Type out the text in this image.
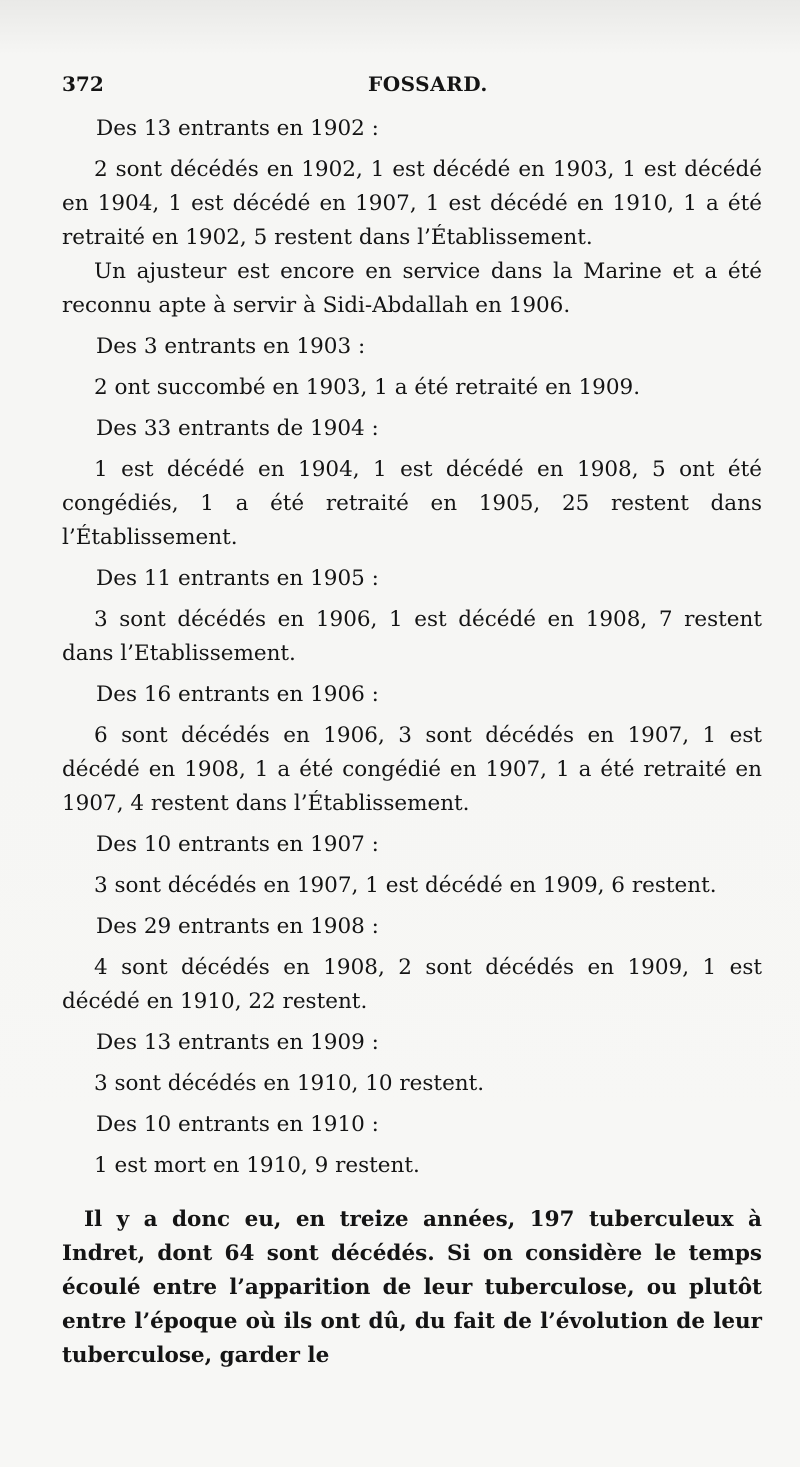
372	FOSSARD.

Des 13 entrants en 1902 :

2 sont décédés en 1902, 1 est décédé en 1903, 1 est décédé en 1904, 1 est décédé en 1907, 1 est décédé en 1910, 1 a été retraité en 1902, 5 restent dans l’Établissement.

Un ajusteur est encore en service dans la Marine et a été reconnu apte à servir à Sidi-Abdallah en 1906.

Des 3 entrants en 1903 :

2 ont succombé en 1903, 1 a été retraité en 1909.

Des 33 entrants de 1904 :

1 est décédé en 1904, 1 est décédé en 1908, 5 ont été congédiés, 1 a été retraité en 1905, 25 restent dans l’Établissement.

Des 11 entrants en 1905 :

3 sont décédés en 1906, 1 est décédé en 1908, 7 restent dans l’Etablissement.

Des 16 entrants en 1906 :

6 sont décédés en 1906, 3 sont décédés en 1907, 1 est décédé en 1908, 1 a été congédié en 1907, 1 a été retraité en 1907, 4 restent dans l’Établissement.

Des 10 entrants en 1907 :

3 sont décédés en 1907, 1 est décédé en 1909, 6 restent.

Des 29 entrants en 1908 :

4 sont décédés en 1908, 2 sont décédés en 1909, 1 est décédé en 1910, 22 restent.

Des 13 entrants en 1909 :

3 sont décédés en 1910, 10 restent.

Des 10 entrants en 1910 :

1 est mort en 1910, 9 restent.

Il y a donc eu, en treize années, 197 tuberculeux à Indret, dont 64 sont décédés. Si on considère le temps écoulé entre l’apparition de leur tuberculose, ou plutôt entre l’époque où ils ont dû, du fait de l’évolution de leur tuberculose, garder le
